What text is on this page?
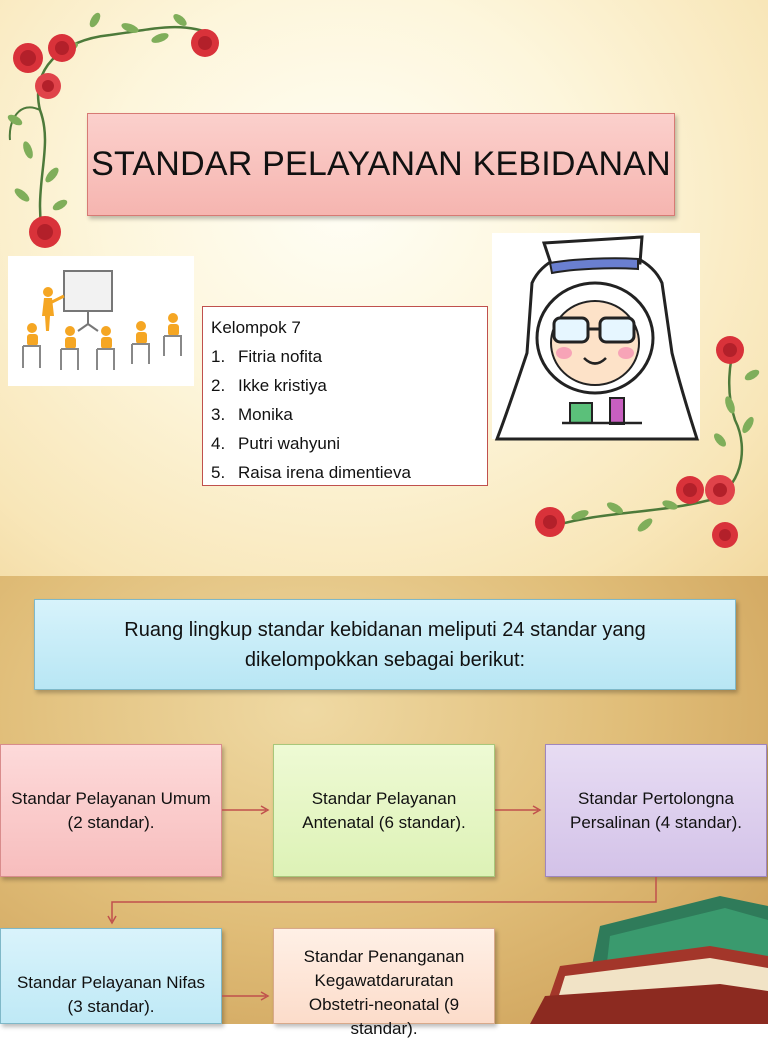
STANDAR PELAYANAN KEBIDANAN
Kelompok 7
1. Fitria nofita
2. Ikke kristiya
3. Monika
4. Putri wahyuni
5. Raisa irena dimentieva
Ruang lingkup standar kebidanan meliputi 24 standar yang dikelompokkan sebagai berikut:
Standar Pelayanan Umum (2 standar).
Standar Pelayanan Antenatal (6 standar).
Standar Pertolongna Persalinan (4 standar).
Standar Pelayanan Nifas (3 standar).
Standar Penanganan Kegawatdaruratan Obstetri-neonatal (9 standar).
